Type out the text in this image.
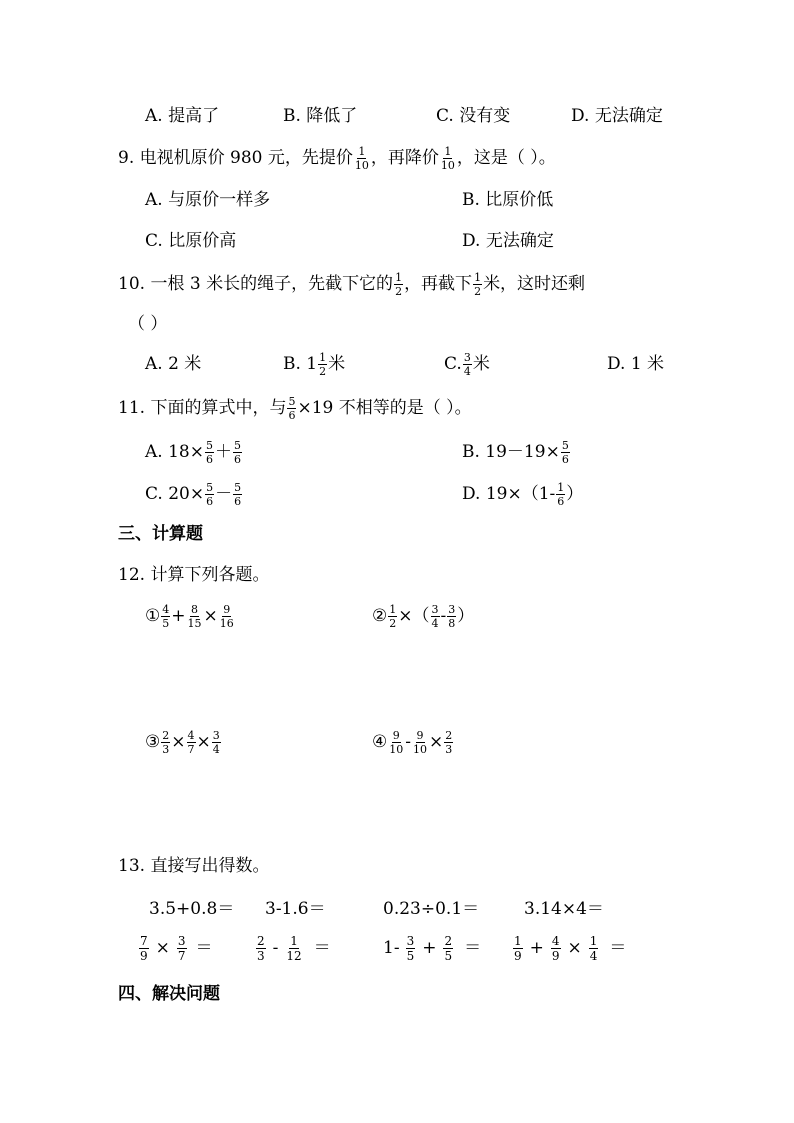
A. 提高了	B. 降低了	C. 没有变	D. 无法确定
9. 电视机原价 980 元，先提价 $\frac{1}{10}$ ，再降价 $\frac{1}{10}$ ，这是（ ）。
A. 与原价一样多	B. 比原价低
C. 比原价高	D. 无法确定
10. 一根 3 米长的绳子，先截下它的 $\frac{1}{2}$ ，再截下 $\frac{1}{2}$ 米，这时还剩
（ ）
A. 2 米	B. $1 \frac{1}{2}$ 米	C. $\frac{3}{4}$ 米	D. 1 米
11. 下面的算式中，与 $\frac{5}{6} \times 19$ 不相等的是（ ）。
A. $18\times \frac{5}{6} + \frac{5}{6}$	B. $19-19\times \frac{5}{6}$
C. $20\times \frac{5}{6} - \frac{5}{6}$	D. $19\times(1- \frac{1}{6}$ ）
三、计算题
12. 计算下列各题。
① $\frac{4}{5} + \frac{8}{15} \times \frac{9}{16}$	② $\frac{1}{2}$ ×（ $\frac{3}{4} - \frac{3}{8}$ ）
③ $\frac{2}{3} \times \frac{4}{7} \times \frac{3}{4}$	④ $\frac{9}{10} - \frac{9}{10} \times \frac{2}{3}$
13. 直接写出得数。
3.5+0.8＝ 3-1.6＝	0.23÷0.1＝	3.14×4＝
$\frac{7}{9} \times \frac{3}{7}$ ＝	$\frac{2}{3} - \frac{1}{12}$ ＝	$1- \frac{3}{5} + \frac{2}{5}$ ＝	$\frac{1}{9} + \frac{4}{9} \times \frac{1}{4}$ ＝
四、解决问题
